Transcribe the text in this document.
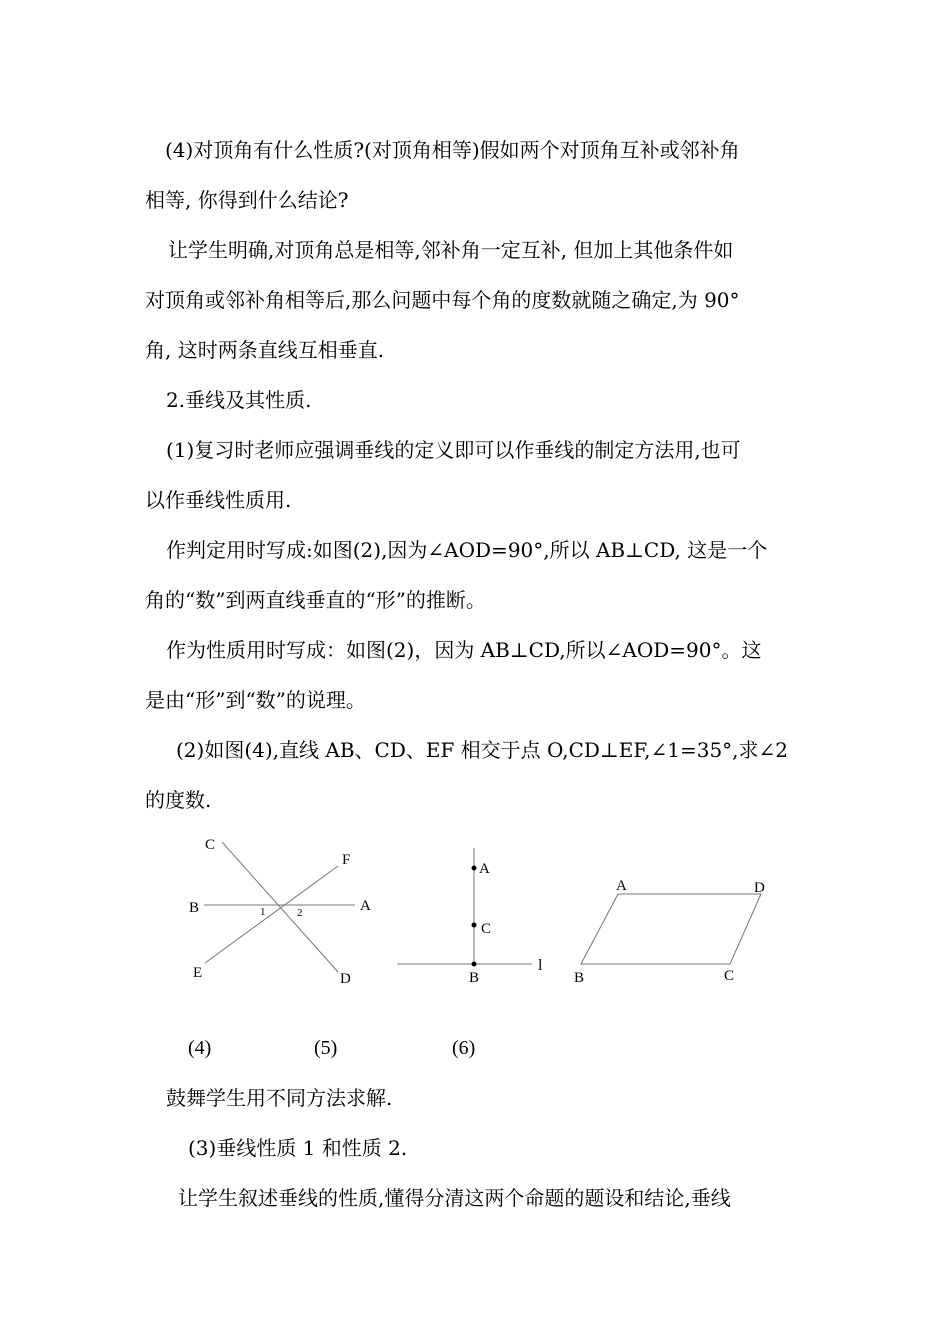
(4)对顶角有什么性质?(对顶角相等)假如两个对顶角互补或邻补角
相等, 你得到什么结论?
让学生明确,对顶角总是相等,邻补角一定互补, 但加上其他条件如
对顶角或邻补角相等后,那么问题中每个角的度数就随之确定,为 90°
角, 这时两条直线互相垂直.
2.垂线及其性质.
(1)复习时老师应强调垂线的定义即可以作垂线的制定方法用,也可
以作垂线性质用.
作判定用时写成:如图(2),因为∠AOD=90°,所以 AB⊥CD, 这是一个
角的“数”到两直线垂直的“形”的推断。
作为性质用时写成：如图(2)，因为 AB⊥CD,所以∠AOD=90°。这
是由“形”到“数”的说理。
(2)如图(4),直线 AB、CD、EF 相交于点 O,CD⊥EF,∠1=35°,求∠2
的度数.
C
F
B	A
E	D
1	2
A
C
B
l
A	D
B	C
(4)	(5)	(6)
鼓舞学生用不同方法求解.
(3)垂线性质 1 和性质 2.
让学生叙述垂线的性质,懂得分清这两个命题的题设和结论,垂线
